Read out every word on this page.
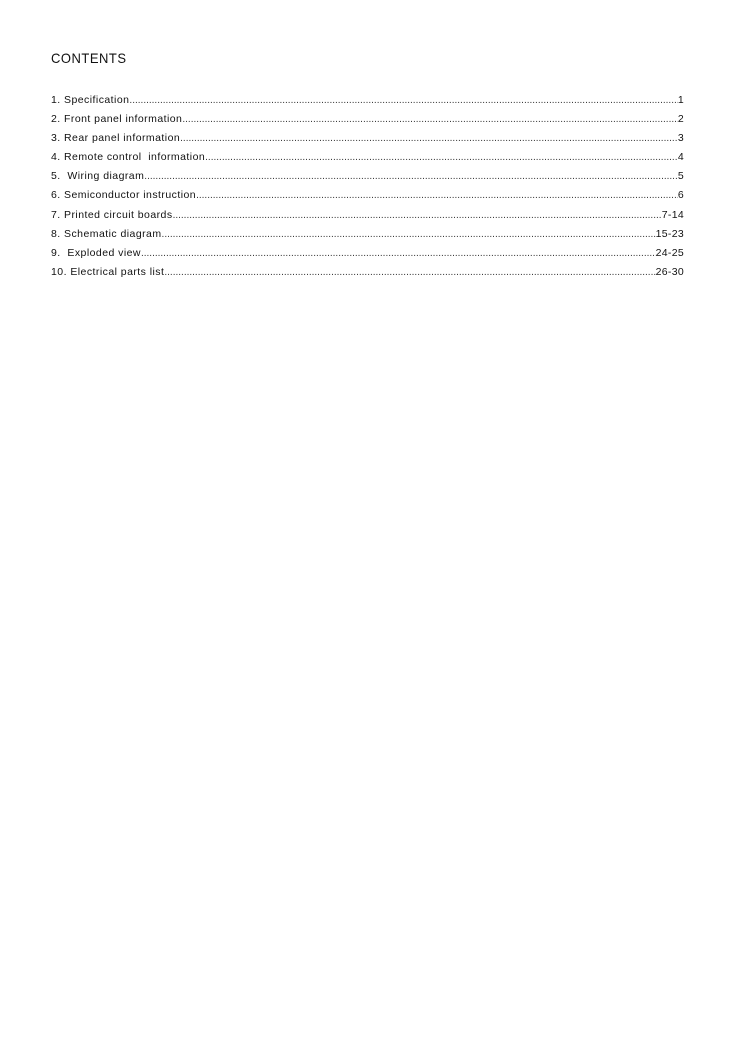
CONTENTS
1. Specification .....	1
2. Front panel information .....	2
3. Rear panel information .....	3
4. Remote control  information .....	4
5.  Wiring diagram .....	5
6. Semiconductor instruction .....	6
7. Printed circuit boards .....	7-14
8. Schematic diagram .....	15-23
9.  Exploded view .....	24-25
10. Electrical parts list .....	26-30
